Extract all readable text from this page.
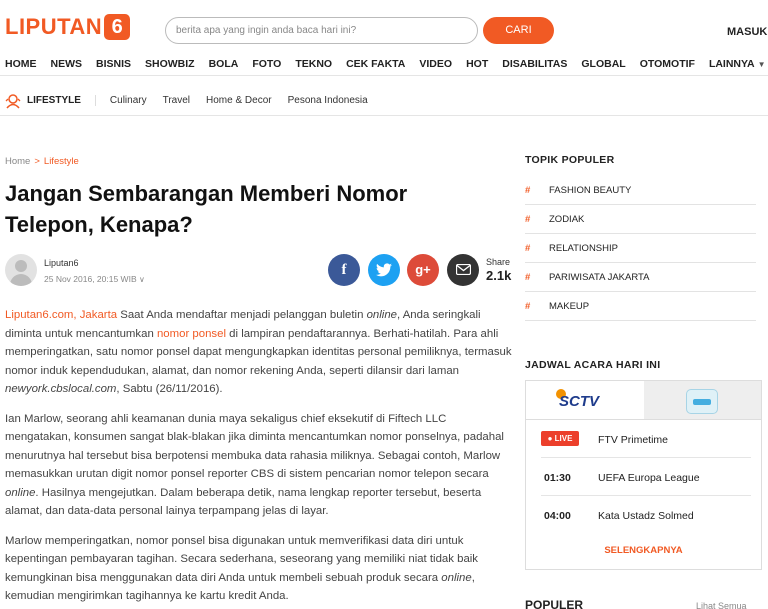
LIPUTAN 6	berita apa yang ingin anda baca hari ini?	CARI	MASUK
HOME NEWS BISNIS SHOWBIZ BOLA FOTO TEKNO CEK FAKTA VIDEO HOT DISABILITAS GLOBAL OTOMOTIF LAINNYA ▼
LIFESTYLE	Culinary Travel Home & Decor Pesona Indonesia
Home > Lifestyle
Jangan Sembarangan Memberi Nomor Telepon, Kenapa?
Liputan6
25 Nov 2016, 20:15 WIB ∨
f	g+	Share
2.1k

Liputan6.com, Jakarta Saat Anda mendaftar menjadi pelanggan buletin online, Anda seringkali diminta untuk mencantumkan nomor ponsel di lampiran pendaftarannya. Berhati-hatilah. Para ahli memperingatkan, satu nomor ponsel dapat mengungkapkan identitas personal pemiliknya, termasuk nomor induk kependudukan, alamat, dan nomor rekening Anda, seperti dilansir dari laman newyork.cbslocal.com, Sabtu (26/11/2016).

Ian Marlow, seorang ahli keamanan dunia maya sekaligus chief eksekutif di Fiftech LLC mengatakan, konsumen sangat blak-blakan jika diminta mencantumkan nomor ponselnya, padahal menurutnya hal tersebut bisa berpotensi membuka data rahasia miliknya. Sebagai contoh, Marlow memasukkan urutan digit nomor ponsel reporter CBS di sistem pencarian nomor telepon secara online. Hasilnya mengejutkan. Dalam beberapa detik, nama lengkap reporter tersebut, beserta alamat, dan data-data personal lainya terpampang jelas di layar.

Marlow memperingatkan, nomor ponsel bisa digunakan untuk memverifikasi data diri untuk kepentingan pembayaran tagihan. Secara sederhana, seseorang yang memiliki niat tidak baik kemungkinan bisa menggunakan data diri Anda untuk membeli sebuah produk secara online, kemudian mengirimkan tagihannya ke kartu kredit Anda.

TOPIK POPULER
#	FASHION BEAUTY
#	ZODIAK
#	RELATIONSHIP
#	PARIWISATA JAKARTA
#	MAKEUP
JADWAL ACARA HARI INI
SCTV
● LIVE	FTV Primetime
01:30	UEFA Europa League
04:00	Kata Ustadz Solmed
SELENGKAPNYA
POPULER	Lihat Semua
